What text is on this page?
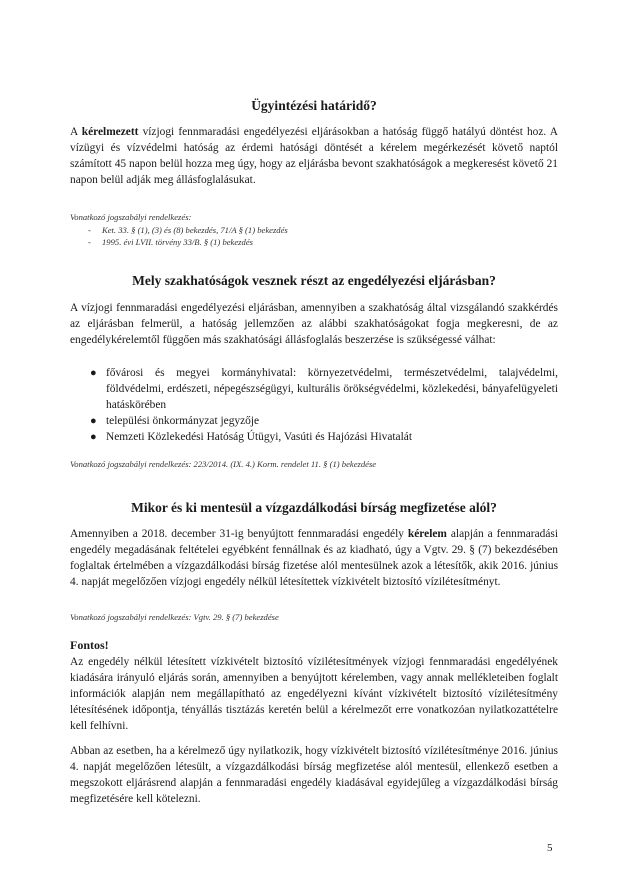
Ügyintézési határidő?

A kérelmezett vízjogi fennmaradási engedélyezési eljárásokban a hatóság függő hatályú döntést hoz. A vízügyi és vízvédelmi hatóság az érdemi hatósági döntését a kérelem megérkezését követő naptól számított 45 napon belül hozza meg úgy, hogy az eljárásba bevont szakhatóságok a megkeresést követő 21 napon belül adják meg állásfoglalásukat.

Vonatkozó jogszabályi rendelkezés:

- Ket. 33. § (1), (3) és (8) bekezdés, 71/A § (1) bekezdés
- 1995. évi LVII. törvény 33/B. § (1) bekezdés
Mely szakhatóságok vesznek részt az engedélyezési eljárásban?

A vízjogi fennmaradási engedélyezési eljárásban, amennyiben a szakhatóság által vizsgálandó szakkérdés az eljárásban felmerül, a hatóság jellemzően az alábbi szakhatóságokat fogja megkeresni, de az engedélykérelemtől függően más szakhatósági állásfoglalás beszerzése is szükségessé válhat:

● fővárosi és megyei kormányhivatal: környezetvédelmi, természetvédelmi, talajvédelmi, földvédelmi, erdészeti, népegészségügyi, kulturális örökségvédelmi, közlekedési, bányafelügyeleti hatáskörében
● települési önkormányzat jegyzője
● Nemzeti Közlekedési Hatóság Útügyi, Vasúti és Hajózási Hivatalát

Vonatkozó jogszabályi rendelkezés: 223/2014. (IX. 4.) Korm. rendelet 11. § (1) bekezdése

Mikor és ki mentesül a vízgazdálkodási bírság megfizetése alól?

Amennyiben a 2018. december 31-ig benyújtott fennmaradási engedély kérelem alapján a fennmaradási engedély megadásának feltételei egyébként fennállnak és az kiadható, úgy a Vgtv. 29. § (7) bekezdésében foglaltak értelmében a vízgazdálkodási bírság fizetése alól mentesülnek azok a létesítők, akik 2016. június 4. napját megelőzően vízjogi engedély nélkül létesítettek vízkivételt biztosító vízilétesítményt.

Vonatkozó jogszabályi rendelkezés: Vgtv. 29. § (7) bekezdése

Fontos!

Az engedély nélkül létesített vízkivételt biztosító vízilétesítmények vízjogi fennmaradási engedélyének kiadására irányuló eljárás során, amennyiben a benyújtott kérelemben, vagy annak mellékleteiben foglalt információk alapján nem megállapítható az engedélyezni kívánt vízkivételt biztosító vízilétesítmény létesítésének időpontja, tényállás tisztázás keretén belül a kérelmezőt erre vonatkozóan nyilatkozattételre kell felhívni.

Abban az esetben, ha a kérelmező úgy nyilatkozik, hogy vízkivételt biztosító vízilétesítménye 2016. június 4. napját megelőzően létesült, a vízgazdálkodási bírság megfizetése alól mentesül, ellenkező esetben a megszokott eljárásrend alapján a fennmaradási engedély kiadásával egyidejűleg a vízgazdálkodási bírság megfizetésére kell kötelezni.

5
